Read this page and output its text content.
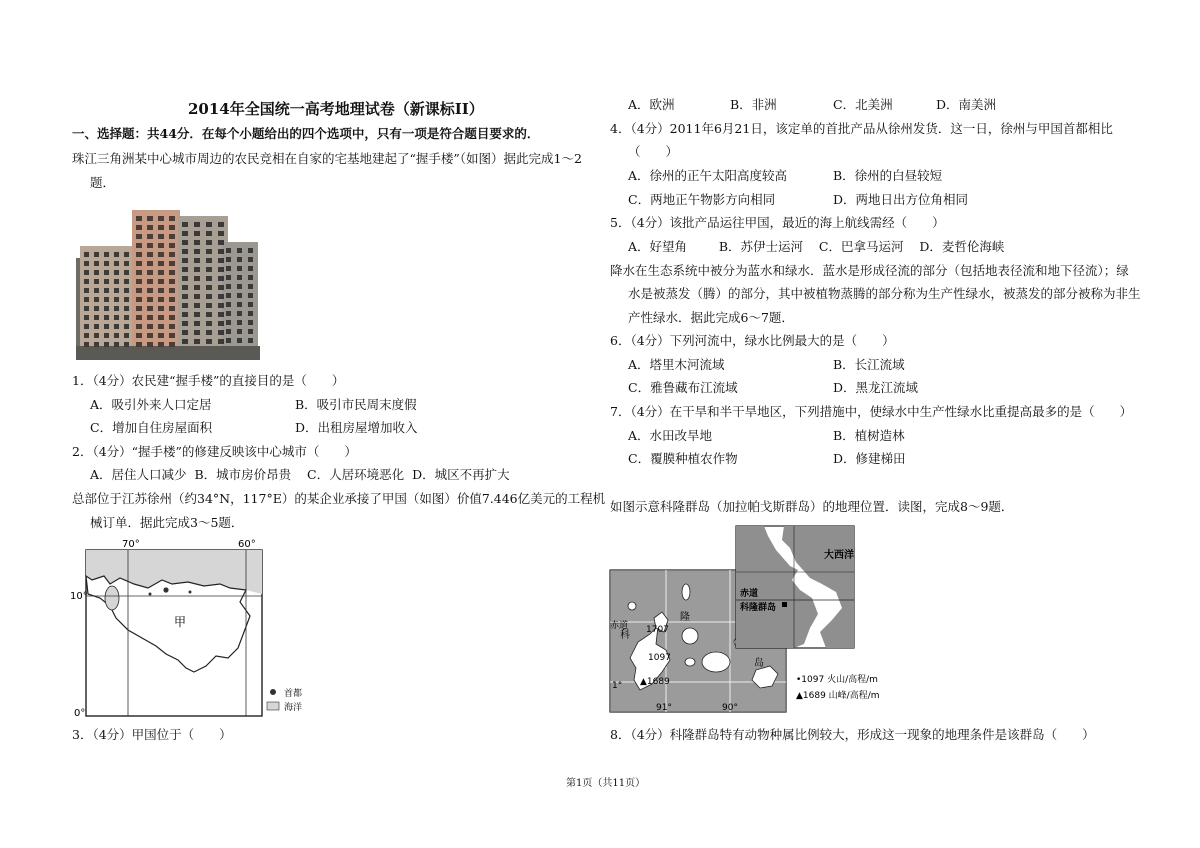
2014年全国统一高考地理试卷（新课标II）
一、选择题：共44分．在每个小题给出的四个选项中，只有一项是符合题目要求的．
珠江三角洲某中心城市周边的农民竞相在自家的宅基地建起了“握手楼”（如图）据此完成1～2
题．
1．（4分）农民建“握手楼”的直接目的是（　　）
A．吸引外来人口定居	B．吸引市民周末度假
C．增加自住房屋面积	D．出租房屋增加收入
2．（4分）“握手楼”的修建反映该中心城市（　　）
A．居住人口减少  B．城市房价昂贵    C．人居环境恶化  D．城区不再扩大
总部位于江苏徐州（约34°N，117°E）的某企业承接了甲国（如图）价值7.446亿美元的工程机
械订单．据此完成3～5题．
70°	60°
10°
0°
甲
首都
海洋
3．（4分）甲国位于（　　）
A．欧洲	B．非洲	C．北美洲	D．南美洲
4．（4分）2011年6月21日，该定单的首批产品从徐州发货．这一日，徐州与甲国首都相比
（　　）
A．徐州的正午太阳高度较高	B．徐州的白昼较短
C．两地正午物影方向相同	D．两地日出方位角相同
5．（4分）该批产品运往甲国，最近的海上航线需经（　　）
A．好望角        B．苏伊士运河    C．巴拿马运河    D．麦哲伦海峡
降水在生态系统中被分为蓝水和绿水．蓝水是形成径流的部分（包括地表径流和地下径流）；绿
水是被蒸发（腾）的部分，其中被植物蒸腾的部分称为生产性绿水，被蒸发的部分被称为非生
产性绿水．据此完成6～7题．
6．（4分）下列河流中，绿水比例最大的是（　　）
A．塔里木河流域	B．长江流域
C．雅鲁藏布江流域	D．黑龙江流域
7．（4分）在干旱和半干旱地区，下列措施中，使绿水中生产性绿水比重提高最多的是（　　）
A．水田改旱地	B．植树造林
C．覆膜种植农作物	D．修建梯田
如图示意科隆群岛（加拉帕戈斯群岛）的地理位置．读图，完成8～9题．
科
赤道 1707
隆
1097	岛
▲1689
1°
91°	90°
大西洋
赤道
科隆群岛
•1097 火山/高程/m
▲1689 山峰/高程/m
8．（4分）科隆群岛特有动物种属比例较大，形成这一现象的地理条件是该群岛（　　）
第1页（共11页）
